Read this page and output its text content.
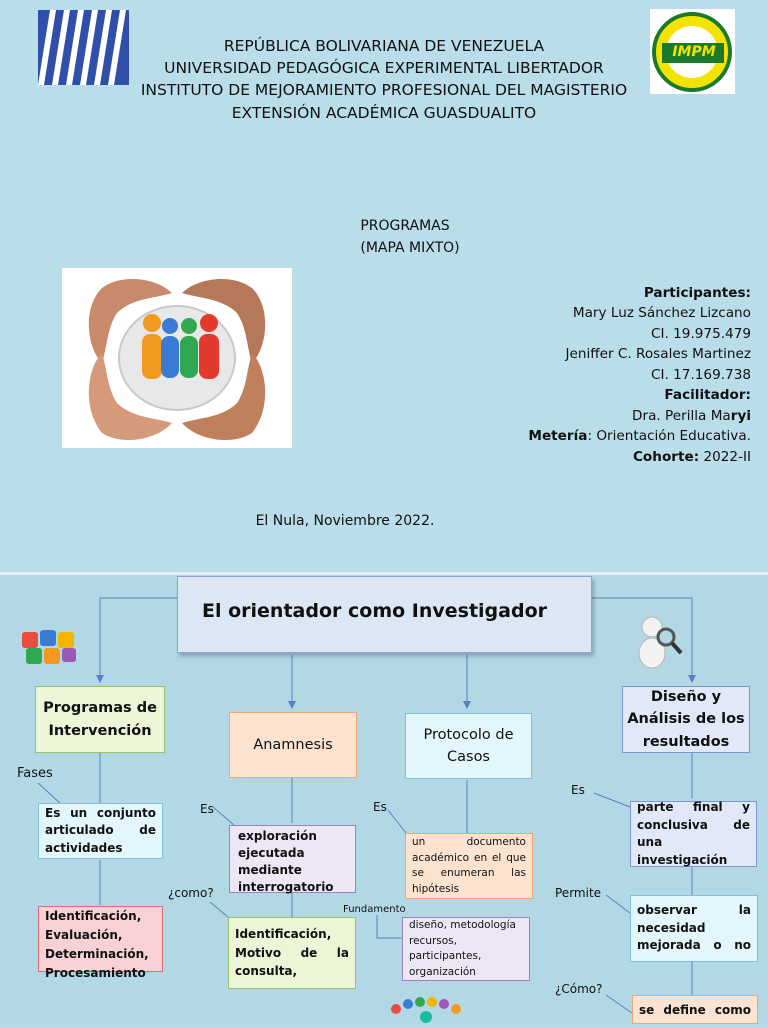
IMPM
REPÚBLICA BOLIVARIANA DE VENEZUELA
UNIVERSIDAD PEDAGÓGICA EXPERIMENTAL LIBERTADOR
INSTITUTO DE MEJORAMIENTO PROFESIONAL DEL MAGISTERIO
EXTENSIÓN ACADÉMICA GUASDUALITO
PROGRAMAS
(MAPA MIXTO)
Participantes:
Mary Luz Sánchez Lizcano
CI. 19.975.479
Jeniffer C. Rosales Martinez
CI. 17.169.738
Facilitador:
Dra. Perilla Maryi
Metería: Orientación Educativa.
Cohorte: 2022-II
El Nula, Noviembre 2022.
El orientador como Investigador
Programas de Intervención
Anamnesis
Protocolo de Casos
Diseño y Análisis de los resultados
Fases
Es	Es
Es
¿como?
Fundamento
Permite
¿Cómo?
Es un conjunto articulado de actividades
Identificación,
Evaluación,
Determinación,
Procesamiento
exploración ejecutada mediante interrogatorio
Identificación, Motivo de la consulta,
un documento académico en el que se enumeran las hipótesis
diseño, metodología recursos, participantes, organización
parte final y conclusiva de una investigación
observar la necesidad mejorada o no
se define como
